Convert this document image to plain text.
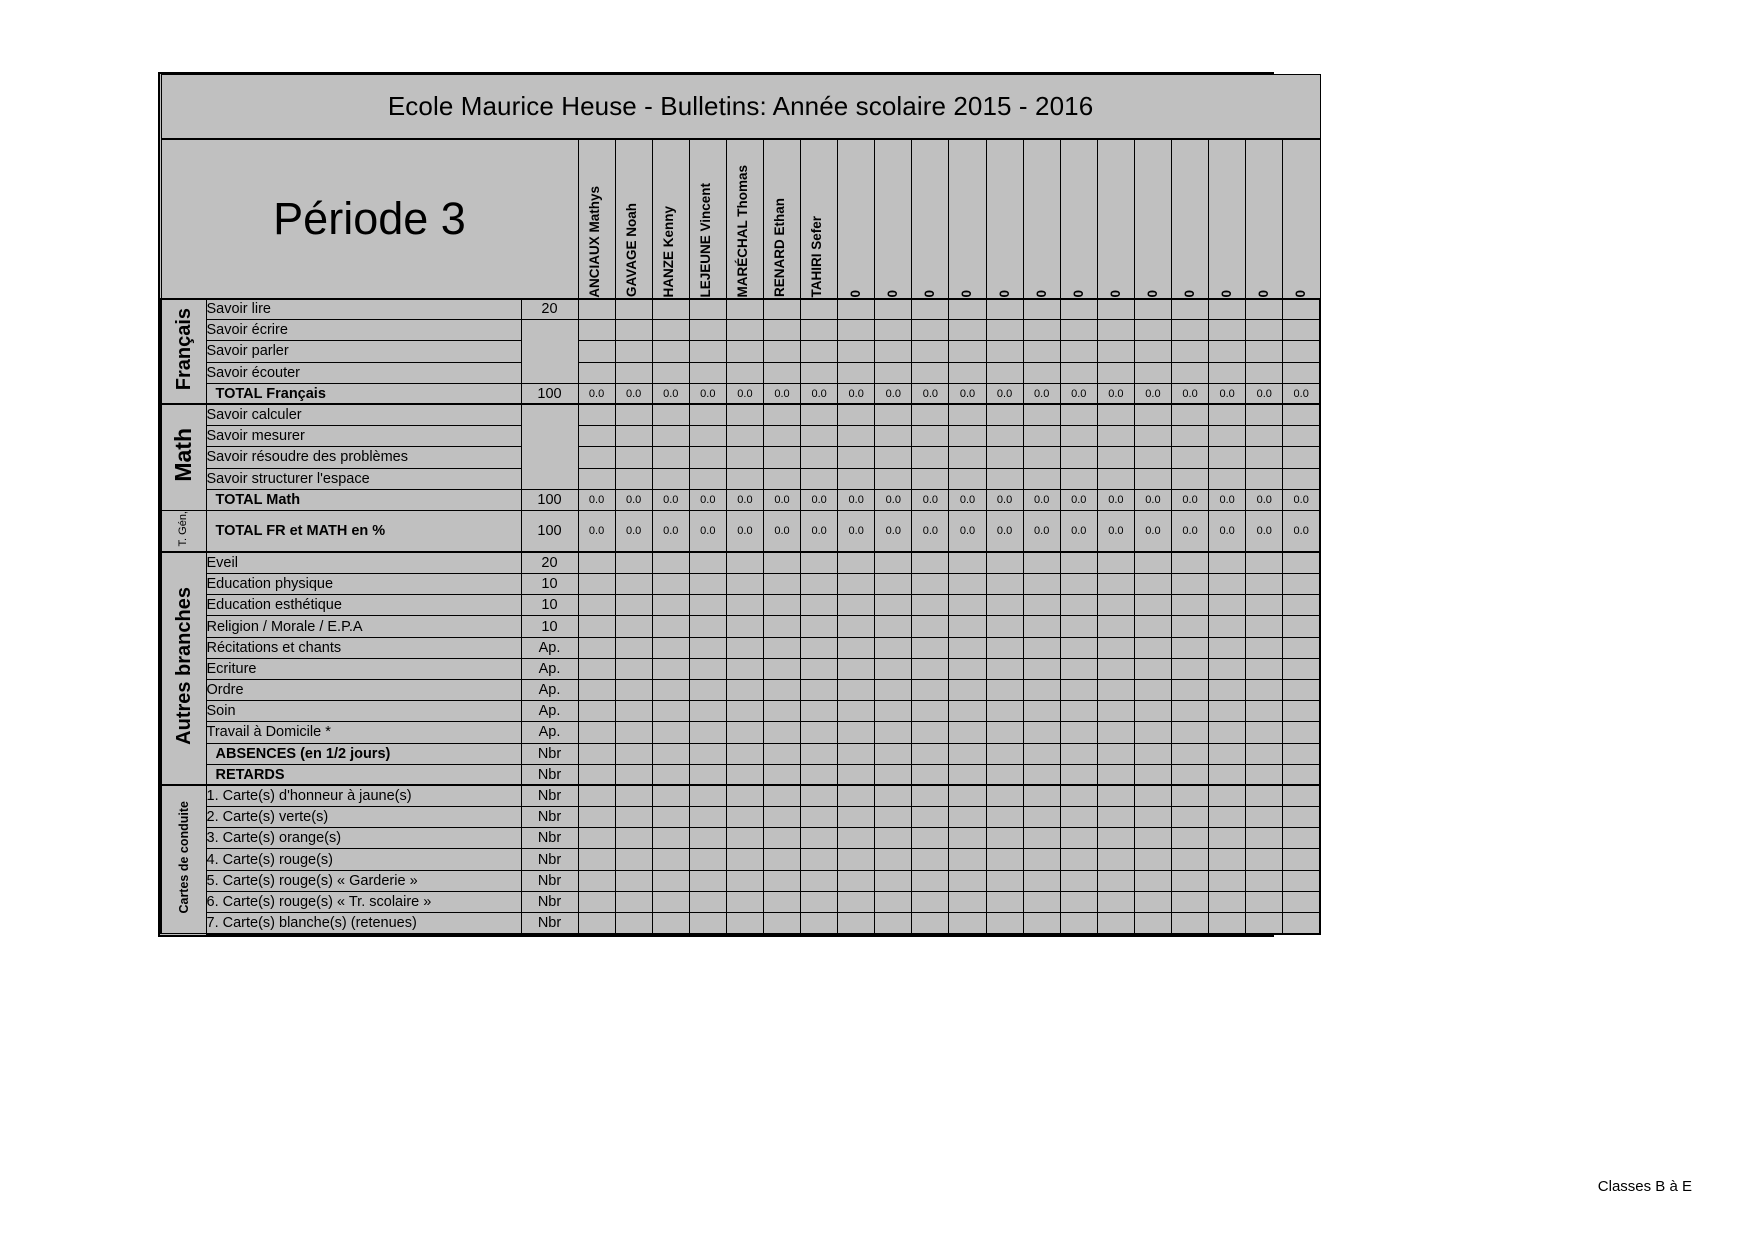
Ecole Maurice Heuse - Bulletins: Année scolaire 2015 - 2016																						
Période 3			ANCIAUX Mathys	GAVAGE Noah	HANZE Kenny	LEJEUNE Vincent	MARÉCHAL Thomas	RENARD Ethan	TAHIRI Sefer	0	0	0	0	0	0	0	0	0	0	0	0	0

Français	Savoir lire	20																				
	Savoir écrire																					
	Savoir parler																					
	Savoir écouter																					
	TOTAL Français	100	0.0	0.0	0.0	0.0	0.0	0.0	0.0	0.0	0.0	0.0	0.0	0.0	0.0	0.0	0.0	0.0	0.0	0.0	0.0	0.0
Math	Savoir calculer																					
	Savoir mesurer																					
	Savoir résoudre des problèmes																					
	Savoir structurer l'espace																					
	TOTAL Math	100	0.0	0.0	0.0	0.0	0.0	0.0	0.0	0.0	0.0	0.0	0.0	0.0	0.0	0.0	0.0	0.0	0.0	0.0	0.0	0.0
T. Gén,	TOTAL FR et MATH en %	100	0.0	0.0	0.0	0.0	0.0	0.0	0.0	0.0	0.0	0.0	0.0	0.0	0.0	0.0	0.0	0.0	0.0	0.0	0.0	0.0
Autres branches	Eveil	20																				
	Education physique	10																				
	Education esthétique	10																				
	Religion / Morale / E.P.A	10																				
	Récitations et chants	Ap.																				
	Ecriture	Ap.																				
	Ordre	Ap.																				
	Soin	Ap.																				
	Travail à Domicile *	Ap.																				
	ABSENCES (en 1/2 jours)	Nbr																				
	RETARDS	Nbr																				
Cartes de conduite	1. Carte(s) d'honneur à jaune(s)	Nbr																				
	2. Carte(s) verte(s)	Nbr																				
	3. Carte(s) orange(s)	Nbr																				
	4. Carte(s) rouge(s)	Nbr																				
	5. Carte(s) rouge(s) « Garderie »	Nbr																				
	6. Carte(s) rouge(s) « Tr. scolaire »	Nbr																				
	7. Carte(s) blanche(s) (retenues)	Nbr																				
Classes B à E
